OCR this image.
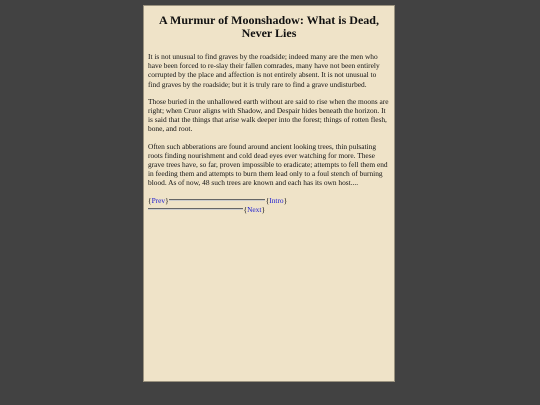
A Murmur of Moonshadow: What is Dead, Never Lies

It is not unusual to find graves by the roadside; indeed many are the men who have been forced to re-slay their fallen comrades, many have not been entirely corrupted by the place and affection is not entirely absent. It is not unusual to find graves by the roadside; but it is truly rare to find a grave undisturbed.

Those buried in the unhallowed earth without are said to rise when the moons are right; when Cruor aligns with Shadow, and Despair hides beneath the horizon. It is said that the things that arise walk deeper into the forest; things of rotten flesh, bone, and root.

Often such abberations are found around ancient looking trees, thin pulsating roots finding nourishment and cold dead eyes ever watching for more. These grave trees have, so far, proven impossible to eradicate; attempts to fell them end in feeding them and attempts to burn them lead only to a foul stench of burning blood. As of now, 48 such trees are known and each has its own host....

{ Prev }	{ Intro }
{ Next }
